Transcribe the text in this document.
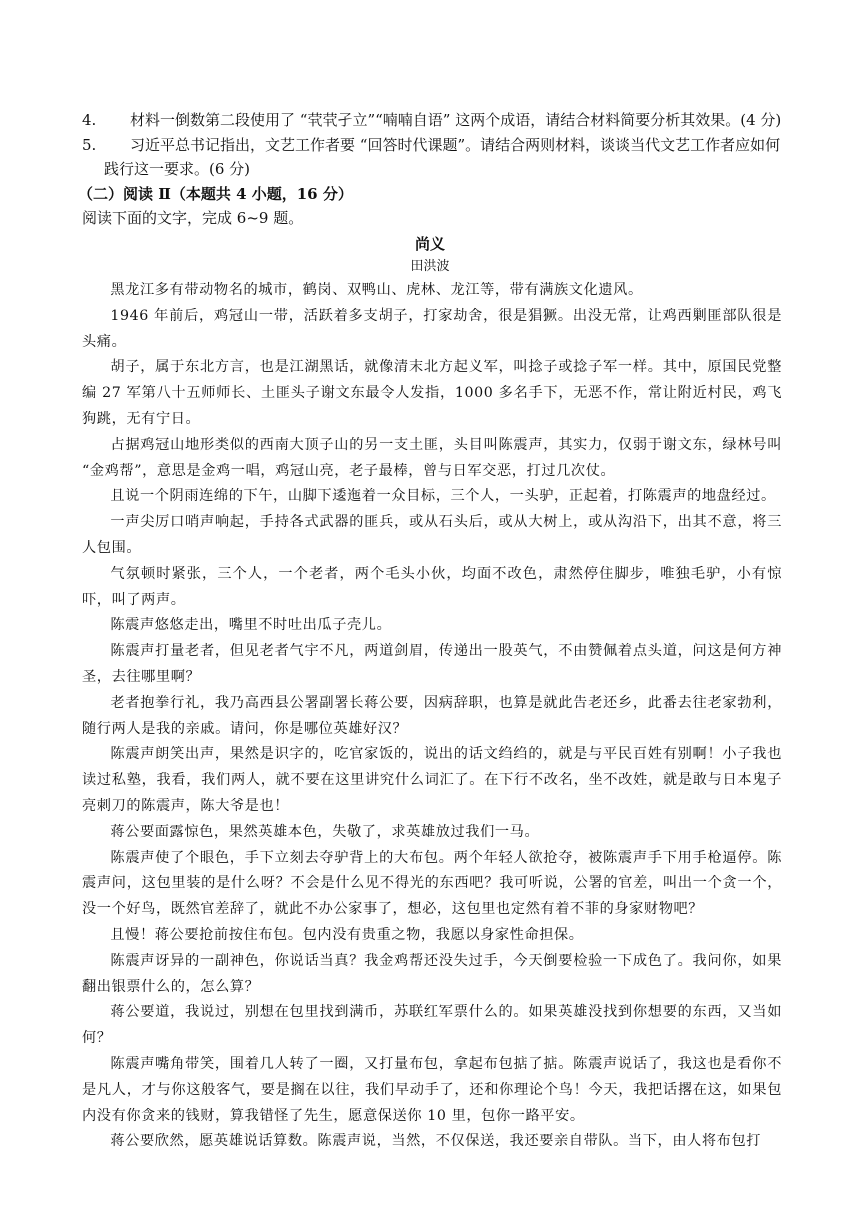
4.	材料一倒数第二段使用了 “茕茕孑立”“喃喃自语” 这两个成语，请结合材料简要分析其效果。(4 分)
5.	习近平总书记指出，文艺工作者要 “回答时代课题”。请结合两则材料，谈谈当代文艺工作者应如何
践行这一要求。(6 分)
（二）阅读 Ⅱ（本题共 4 小题，16 分）
阅读下面的文字，完成 6~9 题。
尚义
田洪波

黑龙江多有带动物名的城市，鹤岗、双鸭山、虎林、龙江等，带有满族文化遗风。

1946 年前后，鸡冠山一带，活跃着多支胡子，打家劫舍，很是猖獗。出没无常，让鸡西剿匪部队很是头痛。

胡子，属于东北方言，也是江湖黑话，就像清末北方起义军，叫捻子或捻子军一样。其中，原国民党整编 27 军第八十五师师长、土匪头子谢文东最令人发指，1000 多名手下，无恶不作，常让附近村民，鸡飞狗跳，无有宁日。

占据鸡冠山地形类似的西南大顶子山的另一支土匪，头目叫陈震声，其实力，仅弱于谢文东，绿林号叫 “金鸡帮”，意思是金鸡一唱，鸡冠山亮，老子最棒，曾与日军交恶，打过几次仗。

且说一个阴雨连绵的下午，山脚下逶迤着一众目标，三个人，一头驴，正起着，打陈震声的地盘经过。

一声尖厉口哨声响起，手持各式武器的匪兵，或从石头后，或从大树上，或从沟沿下，出其不意，将三人包围。

气氛顿时紧张，三个人，一个老者，两个毛头小伙，均面不改色，肃然停住脚步，唯独毛驴，小有惊吓，叫了两声。

陈震声悠悠走出，嘴里不时吐出瓜子壳儿。

陈震声打量老者，但见老者气宇不凡，两道剑眉，传递出一股英气，不由赞佩着点头道，问这是何方神圣，去往哪里啊？

老者抱拳行礼，我乃高西县公署副署长蒋公要，因病辞职，也算是就此告老还乡，此番去往老家勃利，随行两人是我的亲戚。请问，你是哪位英雄好汉？

陈震声朗笑出声，果然是识字的，吃官家饭的，说出的话文绉绉的，就是与平民百姓有别啊！小子我也读过私塾，我看，我们两人，就不要在这里讲究什么词汇了。在下行不改名，坐不改姓，就是敢与日本鬼子亮刺刀的陈震声，陈大爷是也！

蒋公要面露惊色，果然英雄本色，失敬了，求英雄放过我们一马。

陈震声使了个眼色，手下立刻去夺驴背上的大布包。两个年轻人欲抢夺，被陈震声手下用手枪逼停。陈震声问，这包里装的是什么呀？不会是什么见不得光的东西吧？我可听说，公署的官差，叫出一个贪一个，没一个好鸟，既然官差辞了，就此不办公家事了，想必，这包里也定然有着不菲的身家财物吧？

且慢！蒋公要抢前按住布包。包内没有贵重之物，我愿以身家性命担保。

陈震声讶异的一副神色，你说话当真？我金鸡帮还没失过手，今天倒要检验一下成色了。我问你，如果翻出银票什么的，怎么算？

蒋公要道，我说过，别想在包里找到满币，苏联红军票什么的。如果英雄没找到你想要的东西，又当如何？

陈震声嘴角带笑，围着几人转了一圈，又打量布包，拿起布包掂了掂。陈震声说话了，我这也是看你不是凡人，才与你这般客气，要是搁在以往，我们早动手了，还和你理论个鸟！今天，我把话撂在这，如果包内没有你贪来的钱财，算我错怪了先生，愿意保送你 10 里，包你一路平安。

蒋公要欣然，愿英雄说话算数。陈震声说，当然，不仅保送，我还要亲自带队。当下，由人将布包打
